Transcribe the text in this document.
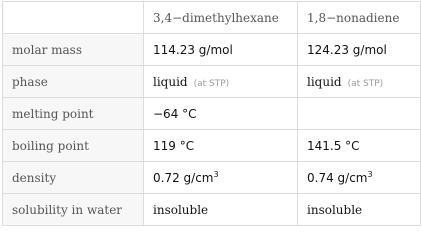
	3,4−dimethylhexane	1,8−nonadiene
molar mass	114.23 g/mol	124.23 g/mol
phase	liquid (at STP)	liquid (at STP)
melting point	−64 °C	
boiling point	119 °C	141.5 °C
density	0.72 $g/cm^3$	0.74 $g/cm^3$
solubility in water	insoluble	insoluble
